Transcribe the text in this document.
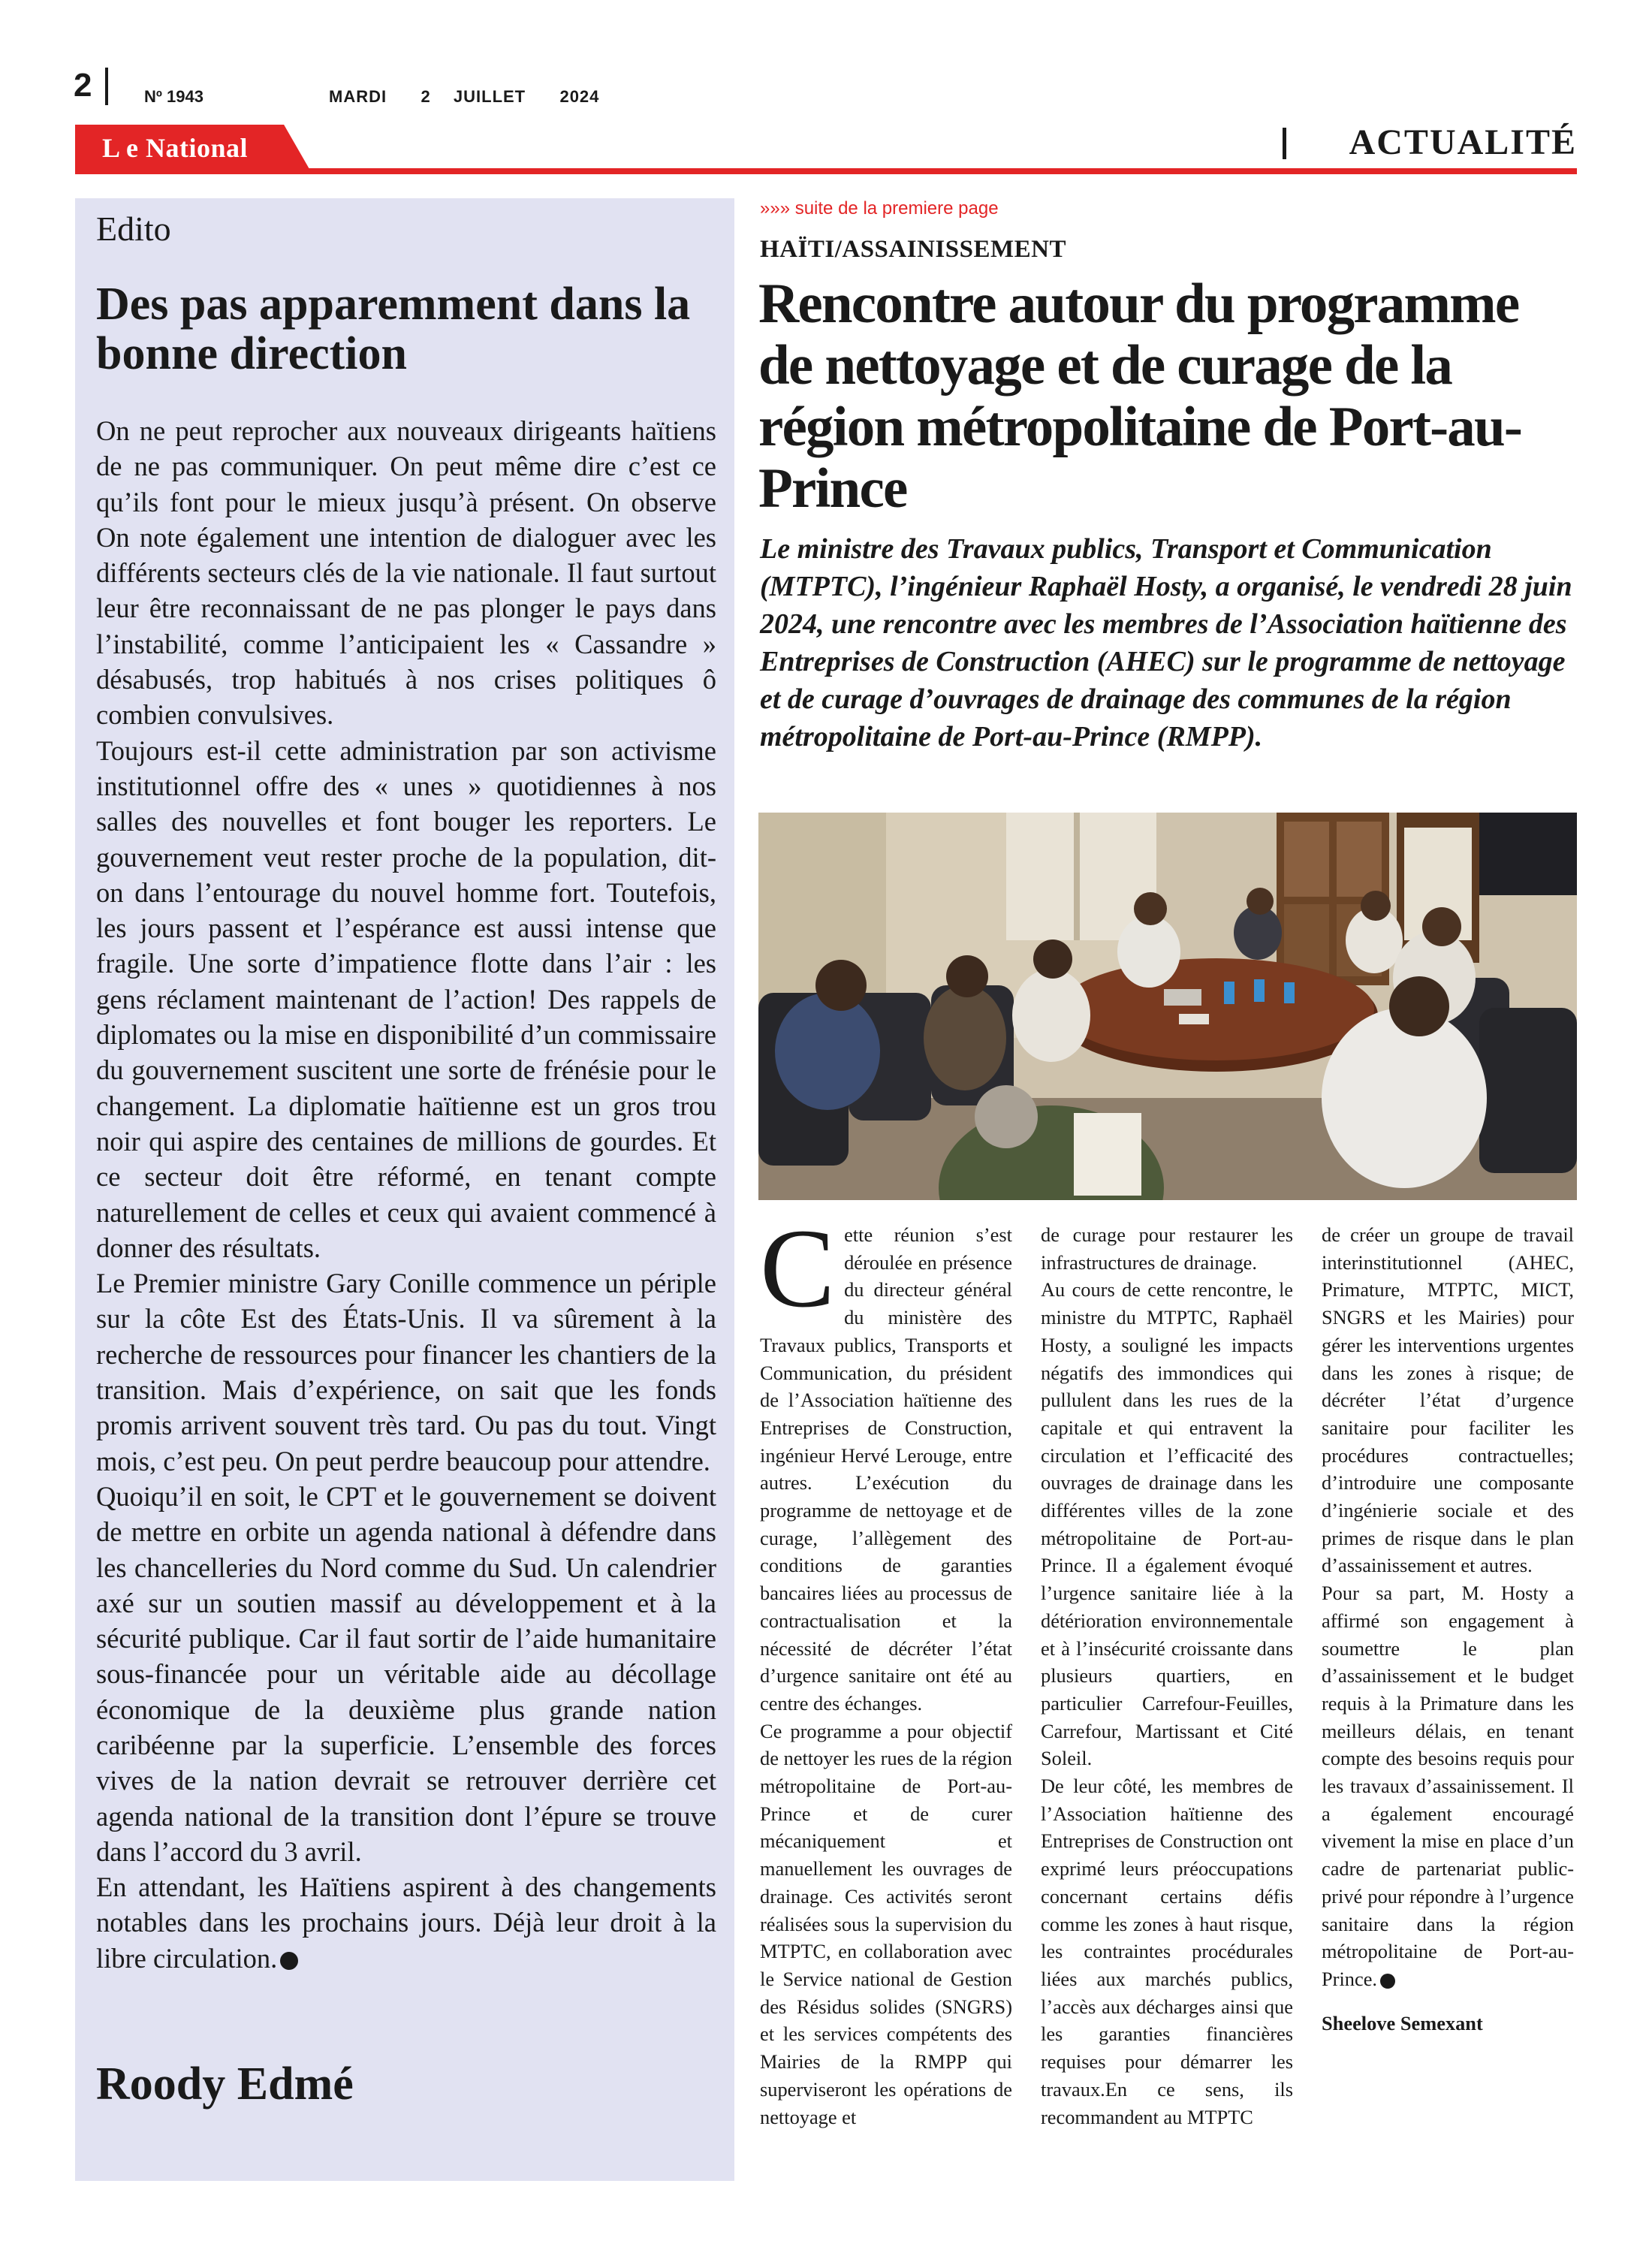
2	Nº 1943	MARDI   2  JUILLET   2024
L e National	ACTUALITÉ
Edito
Des pas apparemment dans la bonne direction

On ne peut reprocher aux nouveaux dirigeants haïtiens de ne pas communiquer. On peut même dire c’est ce qu’ils font pour le mieux jusqu’à présent. On observe On note également une intention de dialoguer avec les différents secteurs clés de la vie nationale. Il faut surtout leur être reconnaissant de ne pas plonger le pays dans l’instabilité, comme l’anticipaient les « Cassandre » désabusés, trop habitués à nos crises politiques ô combien convulsives.

Toujours est-il cette administration par son activisme institutionnel offre des « unes » quotidiennes à nos salles des nouvelles et font bouger les reporters. Le gouvernement veut rester proche de la population, dit-on dans l’entourage du nouvel homme fort. Toutefois, les jours passent et l’espérance est aussi intense que fragile. Une sorte d’impatience flotte dans l’air : les gens réclament maintenant de l’action! Des rappels de diplomates ou la mise en disponibilité d’un commissaire du gouvernement suscitent une sorte de frénésie pour le changement. La diplomatie haïtienne est un gros trou noir qui aspire des centaines de millions de gourdes. Et ce secteur doit être réformé, en tenant compte naturellement de celles et ceux qui avaient commencé à donner des résultats.

Le Premier ministre Gary Conille commence un périple sur la côte Est des États-Unis. Il va sûrement à la recherche de ressources pour financer les chantiers de la transition. Mais d’expérience, on sait que les fonds promis arrivent souvent très tard. Ou pas du tout. Vingt mois, c’est peu. On peut perdre beaucoup pour attendre.

Quoiqu’il en soit, le CPT et le gouvernement se doivent de mettre en orbite un agenda national à défendre dans les chancelleries du Nord comme du Sud. Un calendrier axé sur un soutien massif au développement et à la sécurité publique. Car il faut sortir de l’aide humanitaire sous-financée pour un véritable aide au décollage économique de la deuxième plus grande nation caribéenne par la superficie. L’ensemble des forces vives de la nation devrait se retrouver derrière cet agenda national de la transition dont l’épure se trouve dans l’accord du 3 avril.

En attendant, les Haïtiens aspirent à des changements notables dans les prochains jours. Déjà leur droit à la libre circulation.

Roody Edmé
»»» suite de la premiere page
HAÏTI/ASSAINISSEMENT
Rencontre autour du programme de nettoyage et de curage de la région métropolitaine de Port-au-Prince
Le ministre des Travaux publics, Transport et Communication (MTPTC), l’ingénieur Raphaël Hosty, a organisé, le vendredi 28 juin 2024, une rencontre avec les membres de l’Association haïtienne des Entreprises de Construction (AHEC) sur le programme de nettoyage et de curage d’ouvrages de drainage des communes de la région métropolitaine de Port-au-Prince (RMPP).

Cette réunion s’est déroulée en présence du directeur général du ministère des Travaux publics, Transports et Communication, du président de l’Association haïtienne des Entreprises de Construction, ingénieur Hervé Lerouge, entre autres. L’exécution du programme de nettoyage et de curage, l’allègement des conditions de garanties bancaires liées au processus de contractualisation et la nécessité de décréter l’état d’urgence sanitaire ont été au centre des échanges.

Ce programme a pour objectif de nettoyer les rues de la région métropolitaine de Port-au-Prince et de curer mécaniquement et manuellement les ouvrages de drainage. Ces activités seront réalisées sous la supervision du MTPTC, en collaboration avec le Service national de Gestion des Résidus solides (SNGRS) et les services compétents des Mairies de la RMPP qui superviseront les opérations de nettoyage et

de curage pour restaurer les infrastructures de drainage.

Au cours de cette rencontre, le ministre du MTPTC, Raphaël Hosty, a souligné les impacts négatifs des immondices qui pullulent dans les rues de la capitale et qui entravent la circulation et l’efficacité des ouvrages de drainage dans les différentes villes de la zone métropolitaine de Port-au-Prince. Il a également évoqué l’urgence sanitaire liée à la détérioration environnementale et à l’insécurité croissante dans plusieurs quartiers, en particulier Carrefour-Feuilles, Carrefour, Martissant et Cité Soleil.

De leur côté, les membres de l’Association haïtienne des Entreprises de Construction ont exprimé leurs préoccupations concernant certains défis comme les zones à haut risque, les contraintes procédurales liées aux marchés publics, l’accès aux décharges ainsi que les garanties financières requises pour démarrer les travaux.En ce sens, ils recommandent au MTPTC

de créer un groupe de travail interinstitutionnel (AHEC, Primature, MTPTC, MICT, SNGRS et les Mairies) pour gérer les interventions urgentes dans les zones à risque; de décréter l’état d’urgence sanitaire pour faciliter les procédures contractuelles; d’introduire une composante d’ingénierie sociale et des primes de risque dans le plan d’assainissement et autres.

Pour sa part, M. Hosty a affirmé son engagement à soumettre le plan d’assainissement et le budget requis à la Primature dans les meilleurs délais, en tenant compte des besoins requis pour les travaux d’assainissement. Il a également encouragé vivement la mise en place d’un cadre de partenariat public-privé pour répondre à l’urgence sanitaire dans la région métropolitaine de Port-au-Prince.

Sheelove Semexant
